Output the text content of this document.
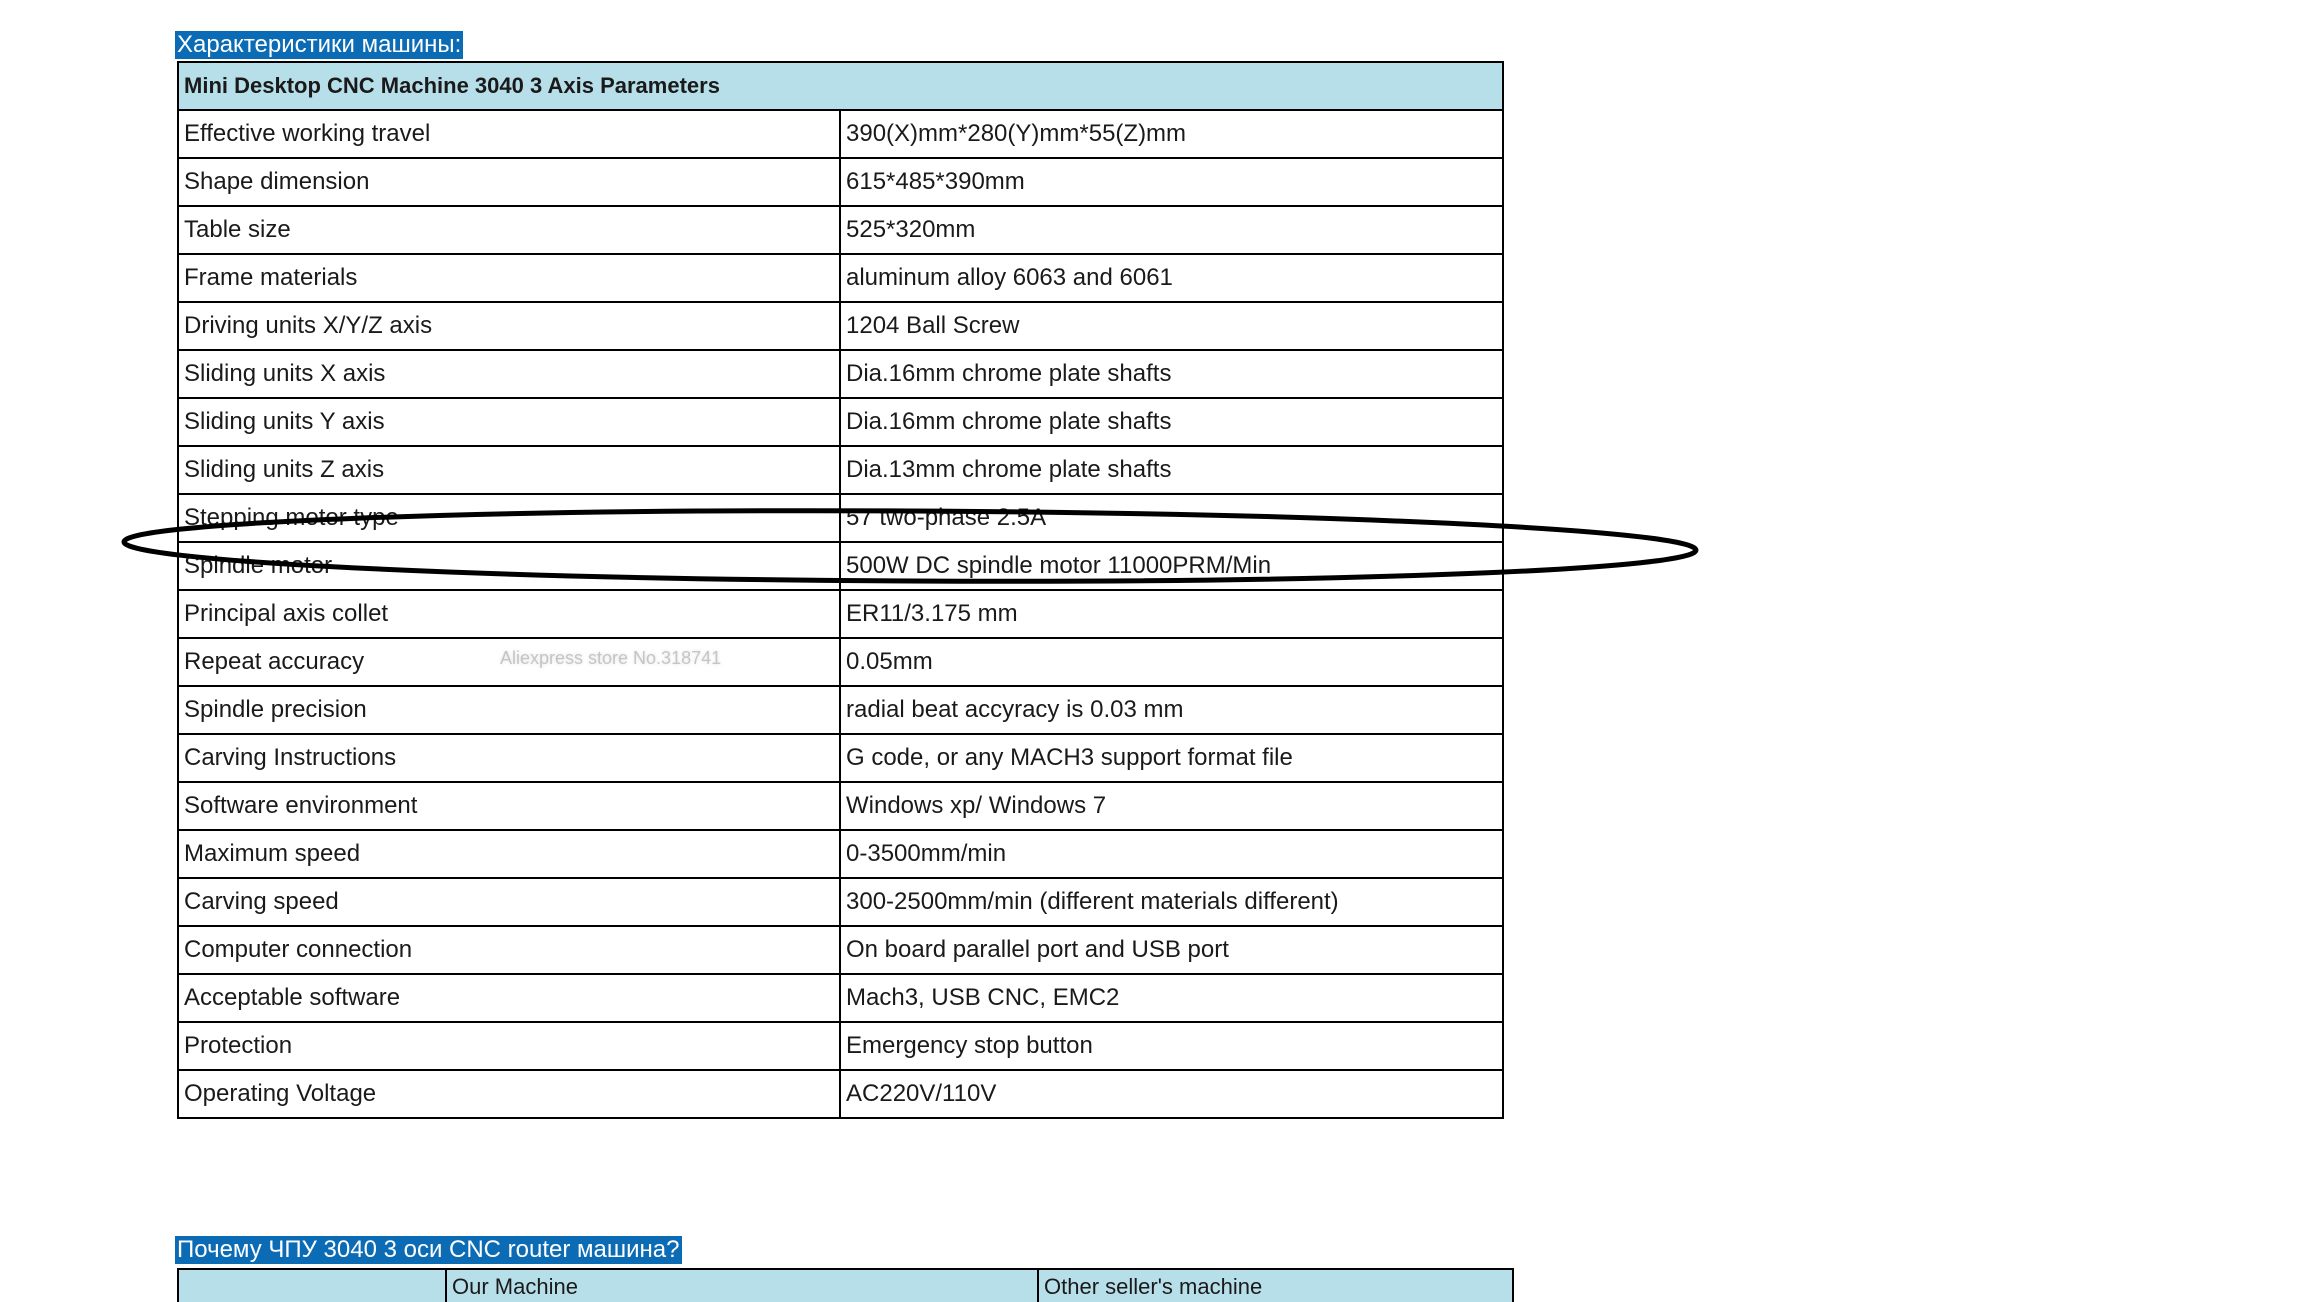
Характеристики машины:
Mini Desktop CNC Machine 3040 3 Axis Parameters	
Effective working travel	390(X)mm*280(Y)mm*55(Z)mm
Shape dimension	615*485*390mm
Table size	525*320mm
Frame materials	aluminum alloy 6063 and 6061
Driving units X/Y/Z axis	1204 Ball Screw
Sliding units X axis	Dia.16mm chrome plate shafts
Sliding units Y axis	Dia.16mm chrome plate shafts
Sliding units Z axis	Dia.13mm chrome plate shafts
Stepping motor type	57 two-phase 2.5A
Spindle motor	500W DC spindle motor 11000PRM/Min
Principal axis collet	ER11/3.175 mm
Repeat accuracy	0.05mm
Spindle precision	radial beat accyracy is 0.03 mm
Carving Instructions	G code, or any MACH3 support format file
Software environment	Windows xp/ Windows 7
Maximum speed	0-3500mm/min
Carving speed	300-2500mm/min (different materials different)
Computer connection	On board parallel port and USB port
Acceptable software	Mach3, USB CNC, EMC2
Protection	Emergency stop button
Operating Voltage	AC220V/110V
Aliexpress store No.318741
Почему ЧПУ 3040 3 оси CNC router машина?
	Our Machine	Other seller's machine
